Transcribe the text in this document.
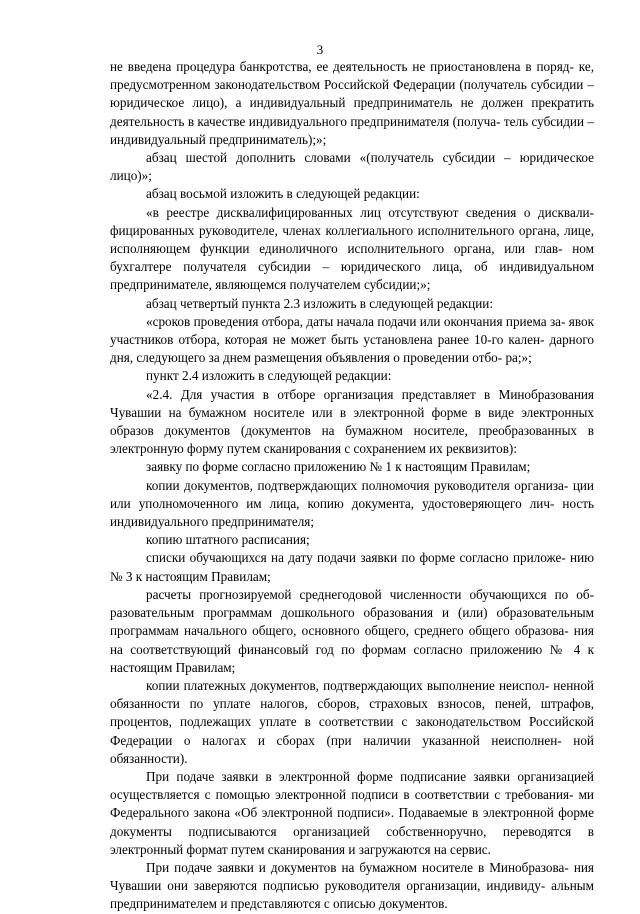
3

не введена процедура банкротства, ее деятельность не приостановлена в поряд- ке, предусмотренном законодательством Российской Федерации (получатель субсидии – юридическое лицо), а индивидуальный предприниматель не должен прекратить деятельность в качестве индивидуального предпринимателя (получа- тель субсидии – индивидуальный предприниматель);»;

абзац шестой дополнить словами «(получатель субсидии – юридическое лицо)»;

абзац восьмой изложить в следующей редакции:

«в реестре дисквалифицированных лиц отсутствуют сведения о дисквали- фицированных руководителе, членах коллегиального исполнительного органа, лице, исполняющем функции единоличного исполнительного органа, или глав- ном бухгалтере получателя субсидии – юридического лица, об индивидуальном предпринимателе, являющемся получателем субсидии;»;

абзац четвертый пункта 2.3 изложить в следующей редакции:

«сроков проведения отбора, даты начала подачи или окончания приема за- явок участников отбора, которая не может быть установлена ранее 10-го кален- дарного дня, следующего за днем размещения объявления о проведении отбо- ра;»;

пункт 2.4 изложить в следующей редакции:

«2.4. Для участия в отборе организация представляет в Минобразования Чувашии на бумажном носителе или в электронной форме в виде электронных образов документов (документов на бумажном носителе, преобразованных в электронную форму путем сканирования с сохранением их реквизитов):

заявку по форме согласно приложению № 1 к настоящим Правилам;

копии документов, подтверждающих полномочия руководителя организа- ции или уполномоченного им лица, копию документа, удостоверяющего лич- ность индивидуального предпринимателя;

копию штатного расписания;

списки обучающихся на дату подачи заявки по форме согласно приложе- нию № 3 к настоящим Правилам;

расчеты прогнозируемой среднегодовой численности обучающихся по об- разовательным программам дошкольного образования и (или) образовательным программам начального общего, основного общего, среднего общего образова- ния на соответствующий финансовый год по формам согласно приложению № 4 к настоящим Правилам;

копии платежных документов, подтверждающих выполнение неиспол- ненной обязанности по уплате налогов, сборов, страховых взносов, пеней, штрафов, процентов, подлежащих уплате в соответствии с законодательством Российской Федерации о налогах и сборах (при наличии указанной неисполнен- ной обязанности).

При подаче заявки в электронной форме подписание заявки организацией осуществляется с помощью электронной подписи в соответствии с требования- ми Федерального закона «Об электронной подписи». Подаваемые в электронной форме документы подписываются организацией собственноручно, переводятся в электронный формат путем сканирования и загружаются на сервис.

При подаче заявки и документов на бумажном носителе в Минобразова- ния Чувашии они заверяются подписью руководителя организации, индивиду- альным предпринимателем и представляются с описью документов.
